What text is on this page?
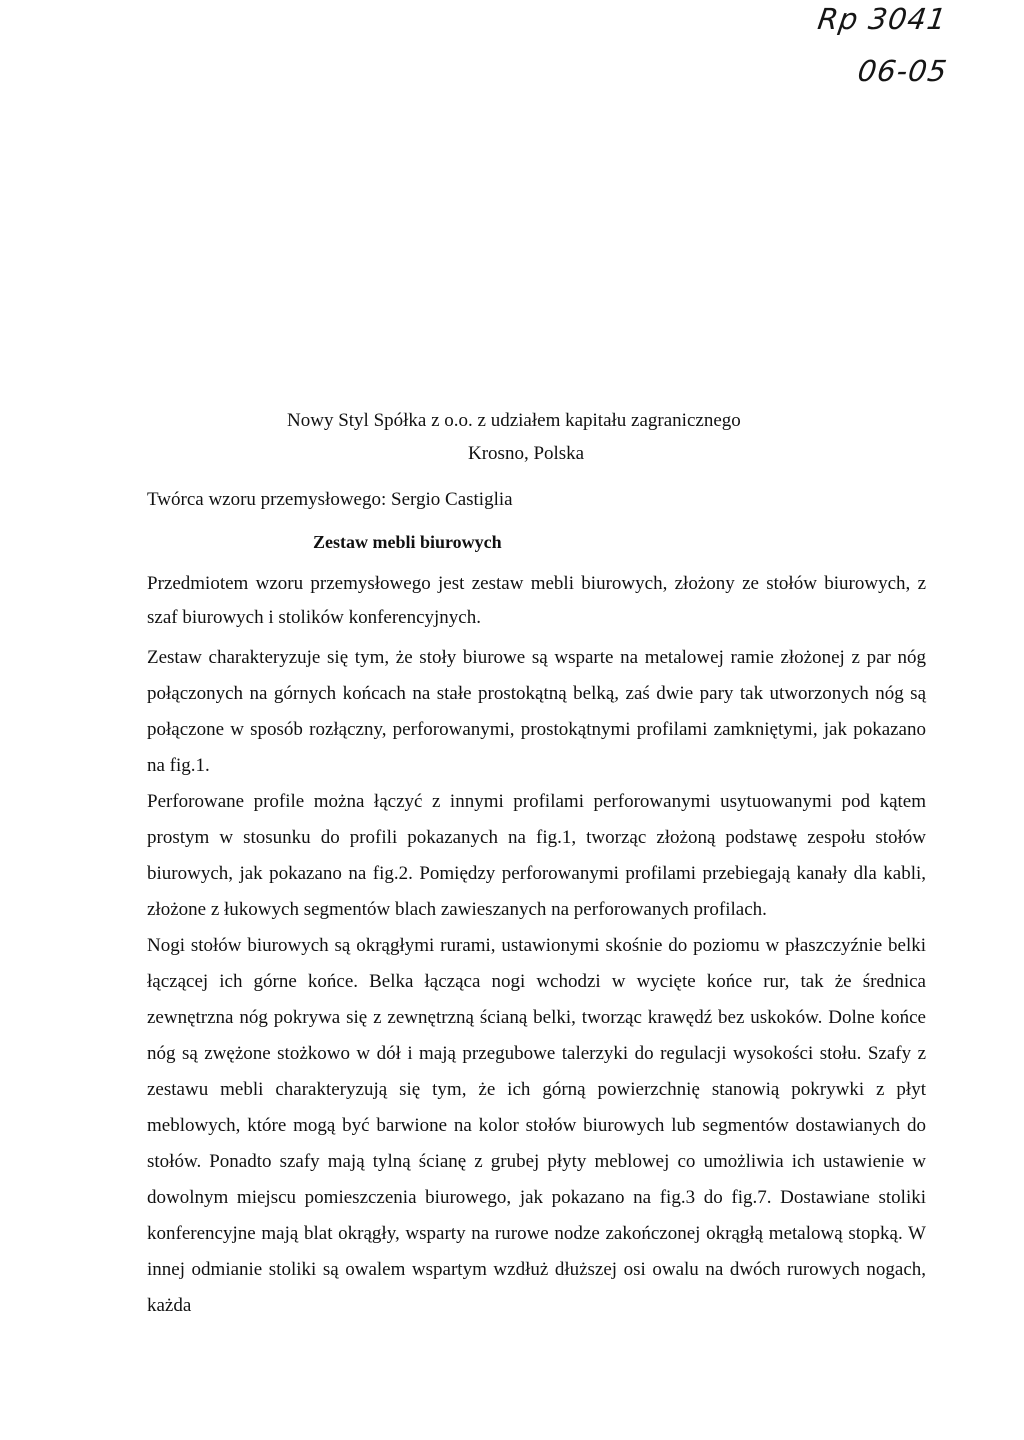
Rp 3041
06-05
Nowy Styl Spółka z o.o. z udziałem kapitału zagranicznego
Krosno, Polska
Twórca wzoru przemysłowego: Sergio Castiglia
Zestaw mebli biurowych

Przedmiotem wzoru przemysłowego jest zestaw mebli biurowych, złożony ze stołów biurowych, z szaf biurowych i stolików konferencyjnych.

Zestaw charakteryzuje się tym, że stoły biurowe są wsparte na metalowej ramie złożonej z par nóg połączonych na górnych końcach na stałe prostokątną belką, zaś dwie pary tak utworzonych nóg są połączone w sposób rozłączny, perforowanymi, prostokątnymi profilami zamkniętymi, jak pokazano na fig.1.

Perforowane profile można łączyć z innymi profilami perforowanymi usytuowanymi pod kątem prostym w stosunku do profili pokazanych na fig.1, tworząc złożoną podstawę zespołu stołów biurowych, jak pokazano na fig.2. Pomiędzy perforowanymi profilami przebiegają kanały dla kabli, złożone z łukowych segmentów blach zawieszanych na perforowanych profilach.

Nogi stołów biurowych są okrągłymi rurami, ustawionymi skośnie do poziomu w płaszczyźnie belki łączącej ich górne końce. Belka łącząca nogi wchodzi w wycięte końce rur, tak że średnica zewnętrzna nóg pokrywa się z zewnętrzną ścianą belki, tworząc krawędź bez uskoków. Dolne końce nóg są zwężone stożkowo w dół i mają przegubowe talerzyki do regulacji wysokości stołu. Szafy z zestawu mebli charakteryzują się tym, że ich górną powierzchnię stanowią pokrywki z płyt meblowych, które mogą być barwione na kolor stołów biurowych lub segmentów dostawianych do stołów. Ponadto szafy mają tylną ścianę z grubej płyty meblowej co umożliwia ich ustawienie w dowolnym miejscu pomieszczenia biurowego, jak pokazano na fig.3 do fig.7. Dostawiane stoliki konferencyjne mają blat okrągły, wsparty na rurowe nodze zakończonej okrągłą metalową stopką. W innej odmianie stoliki są owalem wspartym wzdłuż dłuższej osi owalu na dwóch rurowych nogach, każda
